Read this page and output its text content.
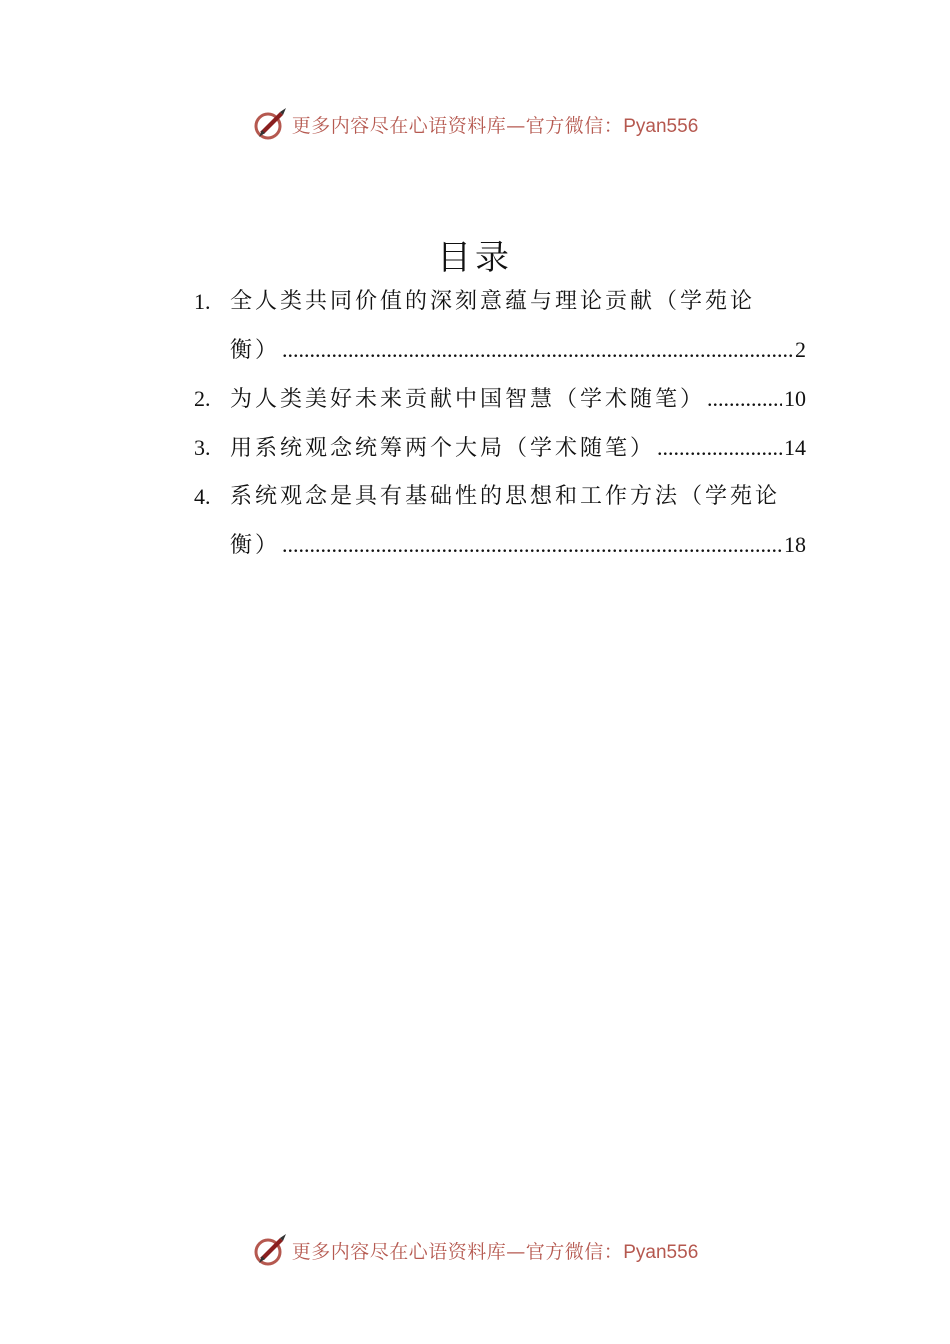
更多内容尽在心语资料库—官方微信：Pyan556
目录
1. 全人类共同价值的深刻意蕴与理论贡献（学苑论
衡） .....	2
2. 为人类美好未来贡献中国智慧（学术随笔） .....	10
3. 用系统观念统筹两个大局（学术随笔） .....	14
4. 系统观念是具有基础性的思想和工作方法（学苑论
衡） .....	18
更多内容尽在心语资料库—官方微信：Pyan556
